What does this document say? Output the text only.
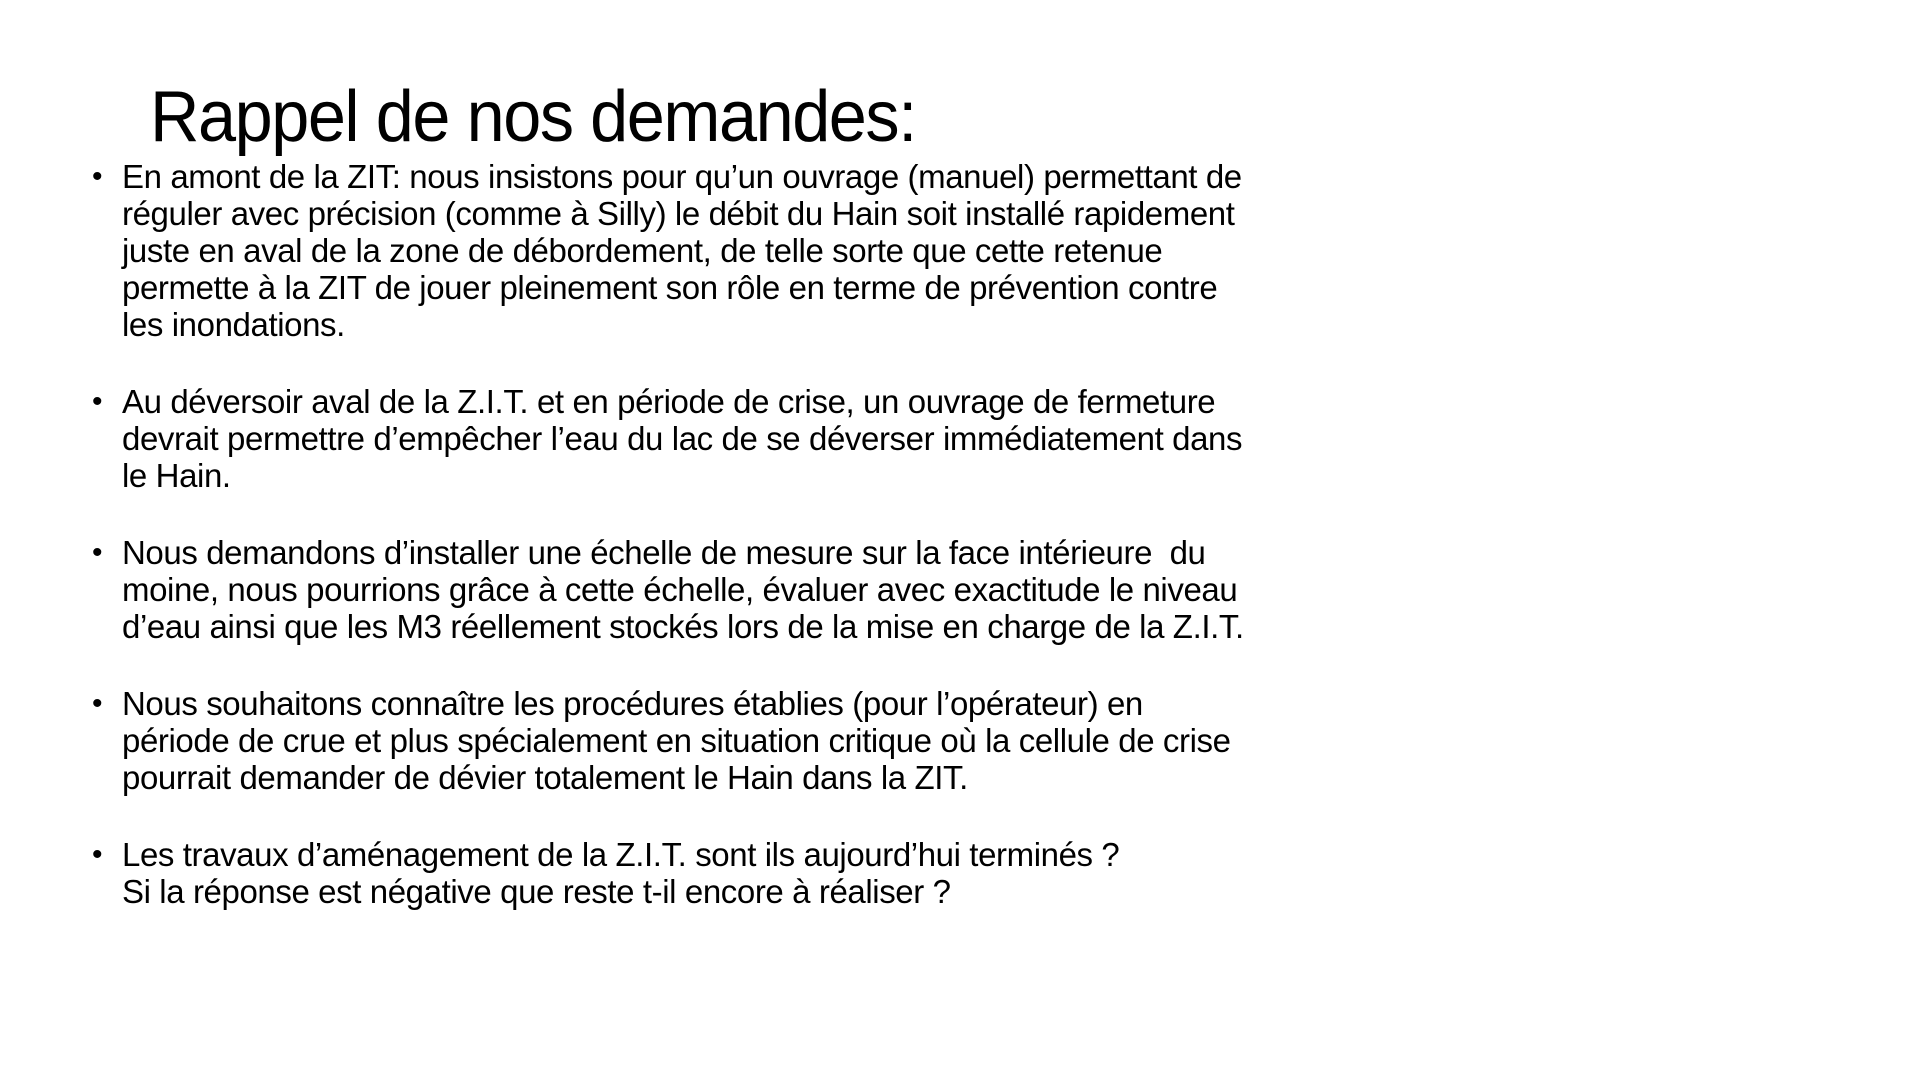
Rappel de nos demandes:
• En amont de la ZIT: nous insistons pour qu’un ouvrage (manuel) permettant de
réguler avec précision (comme à Silly) le débit du Hain soit installé rapidement
juste en aval de la zone de débordement, de telle sorte que cette retenue
permette à la ZIT de jouer pleinement son rôle en terme de prévention contre
les inondations.
• Au déversoir aval de la Z.I.T. et en période de crise, un ouvrage de fermeture
devrait permettre d’empêcher l’eau du lac de se déverser immédiatement dans
le Hain.
• Nous demandons d’installer une échelle de mesure sur la face intérieure  du
moine, nous pourrions grâce à cette échelle, évaluer avec exactitude le niveau
d’eau ainsi que les M3 réellement stockés lors de la mise en charge de la Z.I.T.
• Nous souhaitons connaître les procédures établies (pour l’opérateur) en
période de crue et plus spécialement en situation critique où la cellule de crise
pourrait demander de dévier totalement le Hain dans la ZIT.
• Les travaux d’aménagement de la Z.I.T. sont ils aujourd’hui terminés ?
Si la réponse est négative que reste t-il encore à réaliser ?
